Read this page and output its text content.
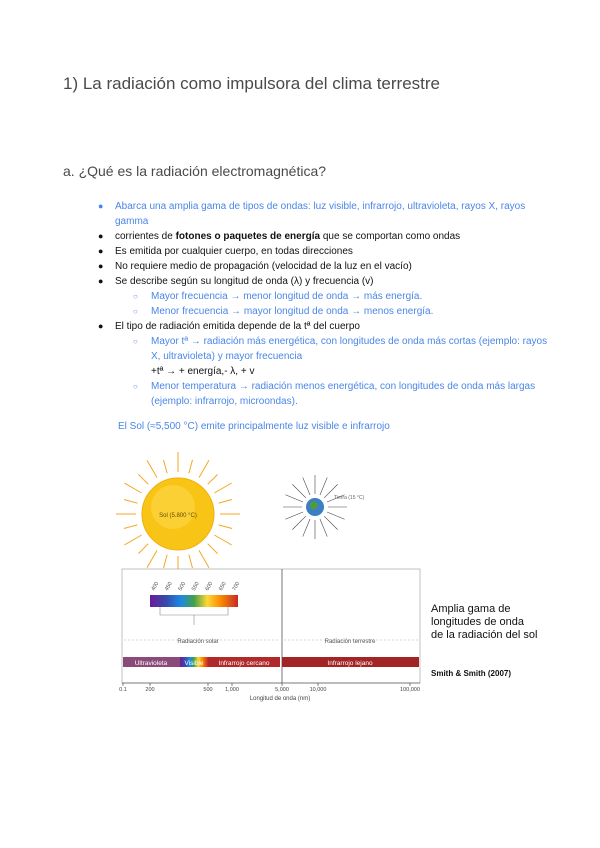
1) La radiación como impulsora del clima terrestre
a. ¿Qué es la radiación electromagnética?
● Abarca una amplia gama de tipos de ondas: luz visible, infrarrojo, ultravioleta, rayos X, rayos gamma
● corrientes de fotones o paquetes de energía que se comportan como ondas
● Es emitida por cualquier cuerpo, en todas direcciones
● No requiere medio de propagación (velocidad de la luz en el vacío)
● Se describe según su longitud de onda (λ) y frecuencia (v)
○ Mayor frecuencia → menor longitud de onda → más energía.
○ Menor frecuencia → mayor longitud de onda → menos energía.
● El tipo de radiación emitida depende de la tª del cuerpo
○ Mayor tª → radiación más energética, con longitudes de onda más cortas (ejemplo: rayos X, ultravioleta) y mayor frecuencia
+tª → + energía,- λ, + v
○ Menor temperatura → radiación menos energética, con longitudes de onda más largas (ejemplo: infrarrojo, microondas).
El Sol (≈5,500 °C) emite principalmente luz visible e infrarrojo
Sol (5.800 °C)
Tierra (15 °C)
400 450 500 550 600 650 700
Radiación solar	Radiación terrestre
Ultravioleta	Visible Infrarrojo cercano	Infrarrojo lejano
0.1	200	500 1,000	5,000	10,000	100,000
Longitud de onda (nm)
Amplia gama de
longitudes de onda
de la radiación del sol
Smith & Smith (2007)
